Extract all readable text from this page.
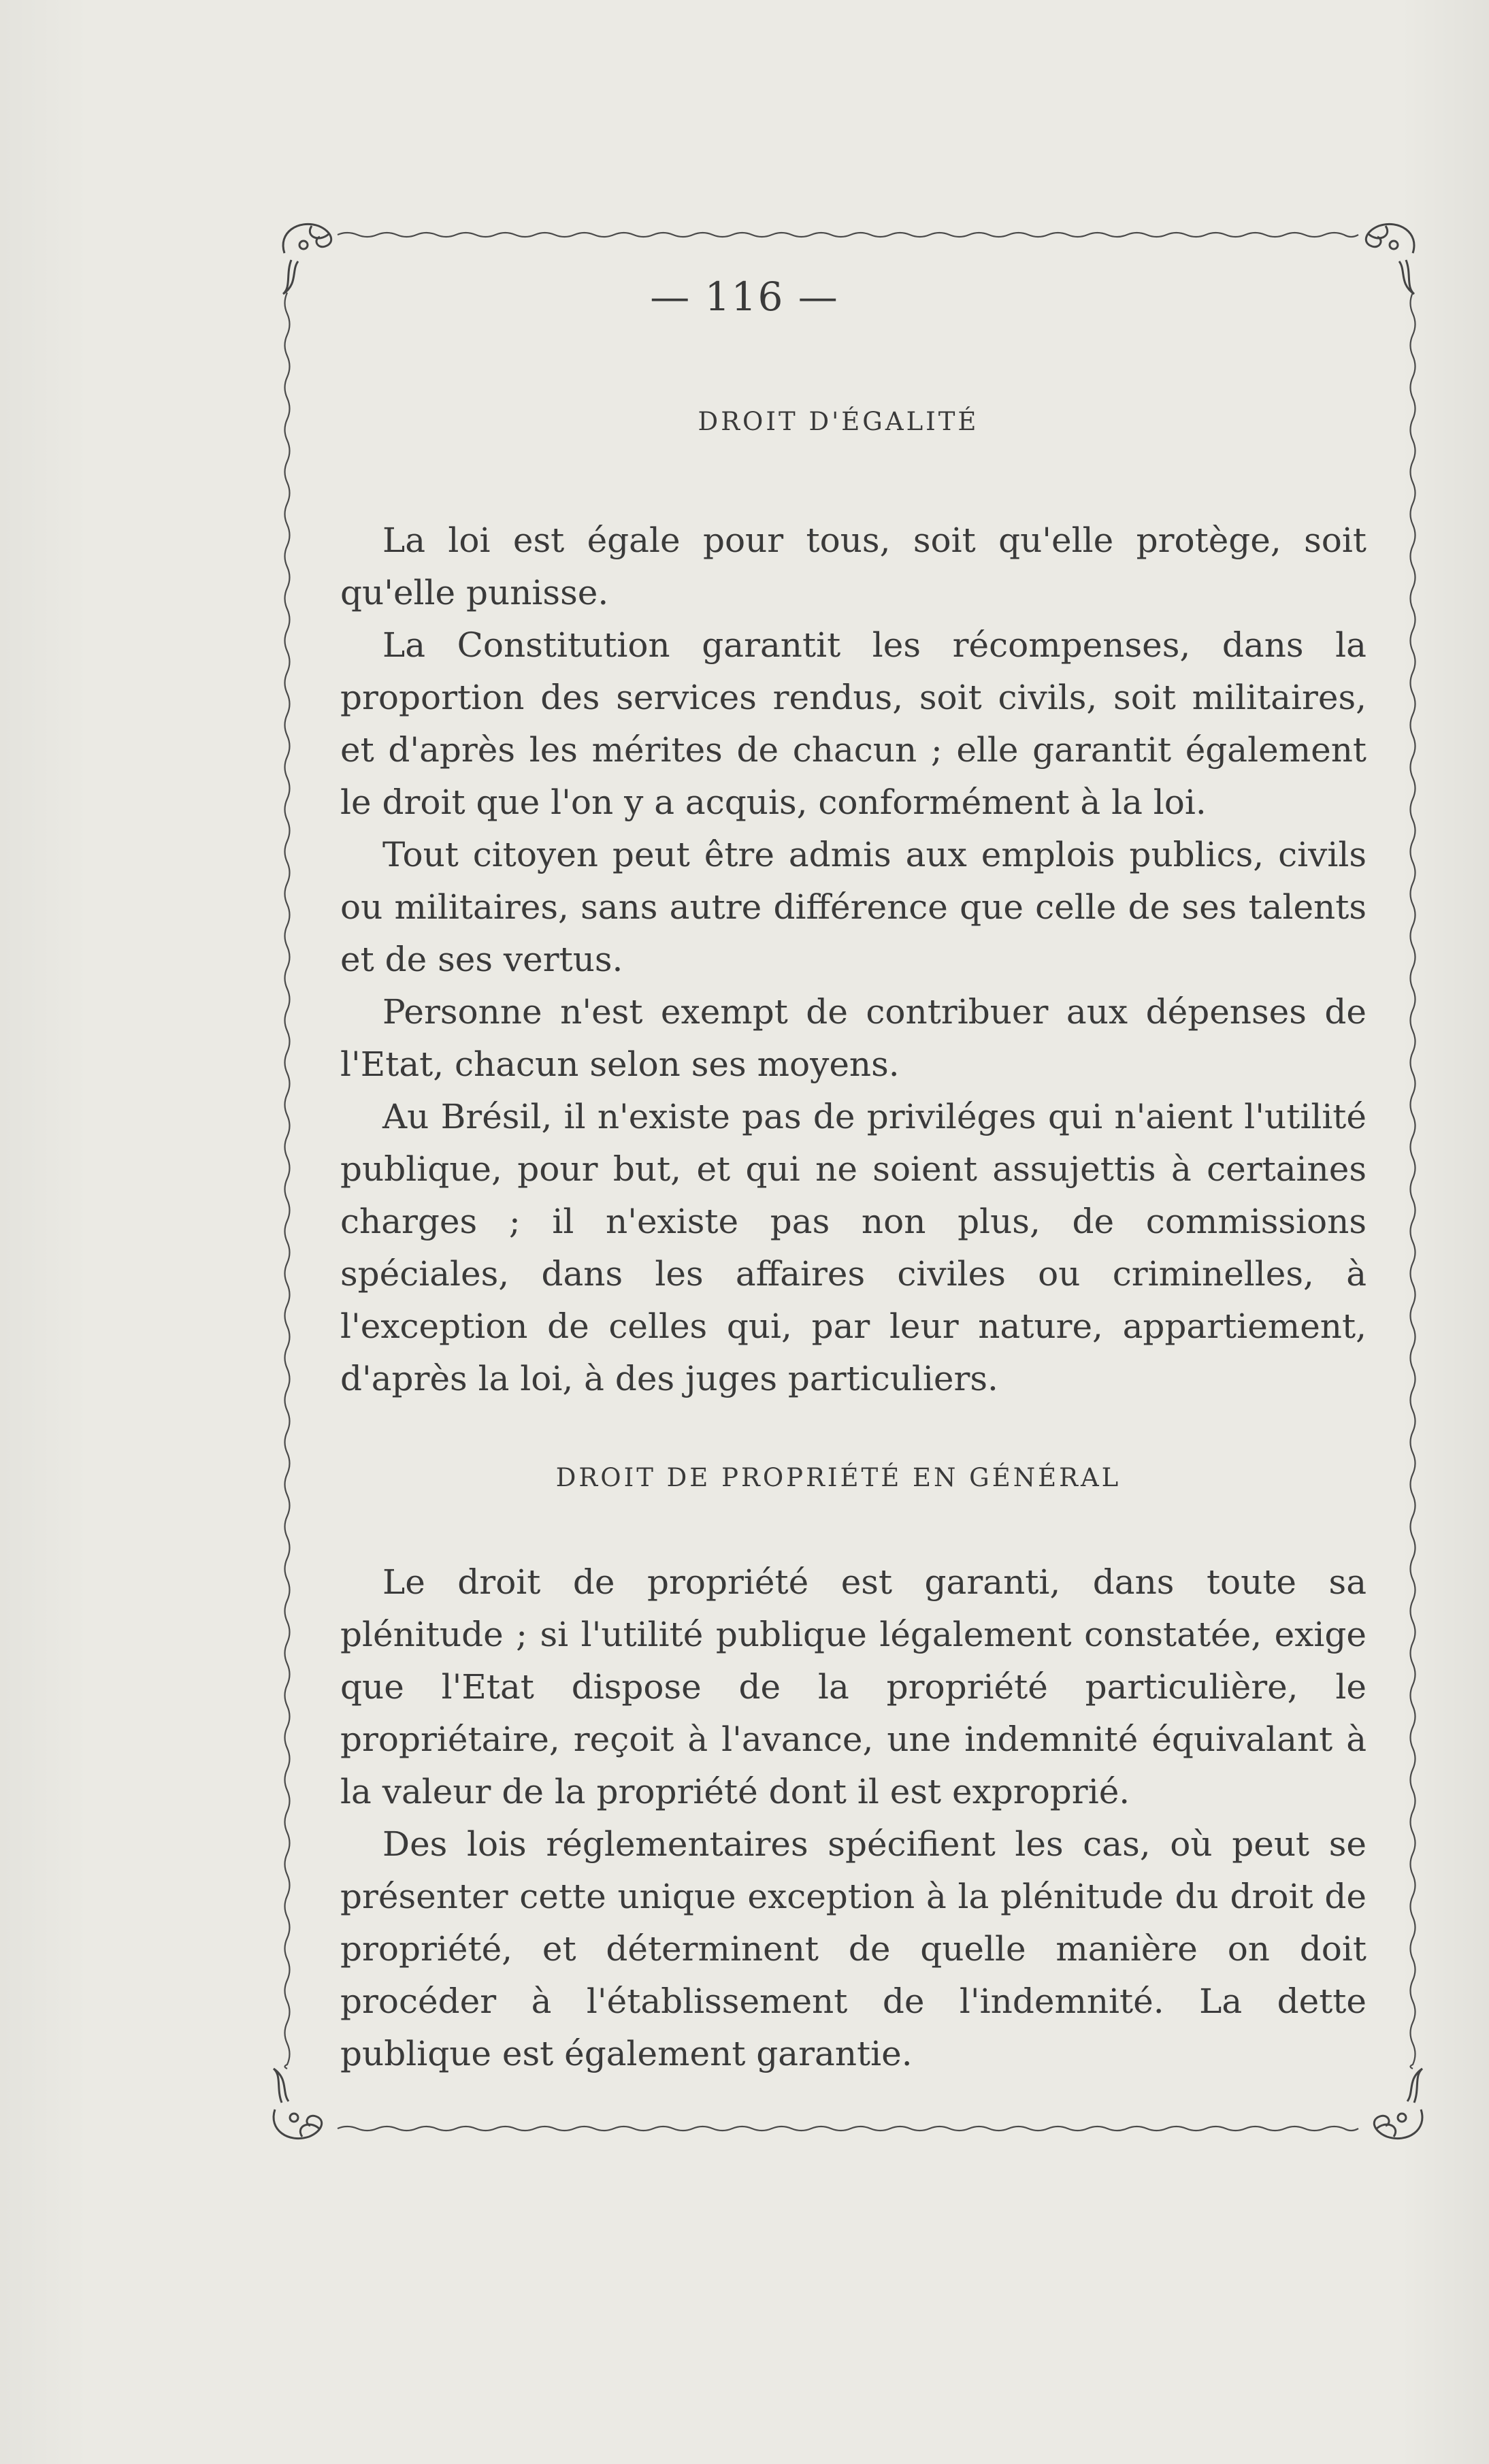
— 116 —
DROIT D'ÉGALITÉ

La loi est égale pour tous, soit qu'elle protège, soit qu'elle punisse.

La Constitution garantit les récompenses, dans la proportion des services rendus, soit civils, soit militaires, et d'après les mérites de chacun ; elle garantit également le droit que l'on y a acquis, conformément à la loi.

Tout citoyen peut être admis aux emplois publics, civils ou militaires, sans autre différence que celle de ses talents et de ses vertus.

Personne n'est exempt de contribuer aux dépenses de l'Etat, chacun selon ses moyens.

Au Brésil, il n'existe pas de priviléges qui n'aient l'utilité publique, pour but, et qui ne soient assujettis à certaines charges ; il n'existe pas non plus, de commissions spéciales, dans les affaires civiles ou criminelles, à l'exception de celles qui, par leur nature, appartiement, d'après la loi, à des juges particuliers.

DROIT DE PROPRIÉTÉ EN GÉNÉRAL

Le droit de propriété est garanti, dans toute sa plénitude ; si l'utilité publique légalement constatée, exige que l'Etat dispose de la propriété particulière, le propriétaire, reçoit à l'avance, une indemnité équivalant à la valeur de la propriété dont il est exproprié.

Des lois réglementaires spécifient les cas, où peut se présenter cette unique exception à la plénitude du droit de propriété, et déterminent de quelle manière on doit procéder à l'établissement de l'indemnité. La dette publique est également garantie.
